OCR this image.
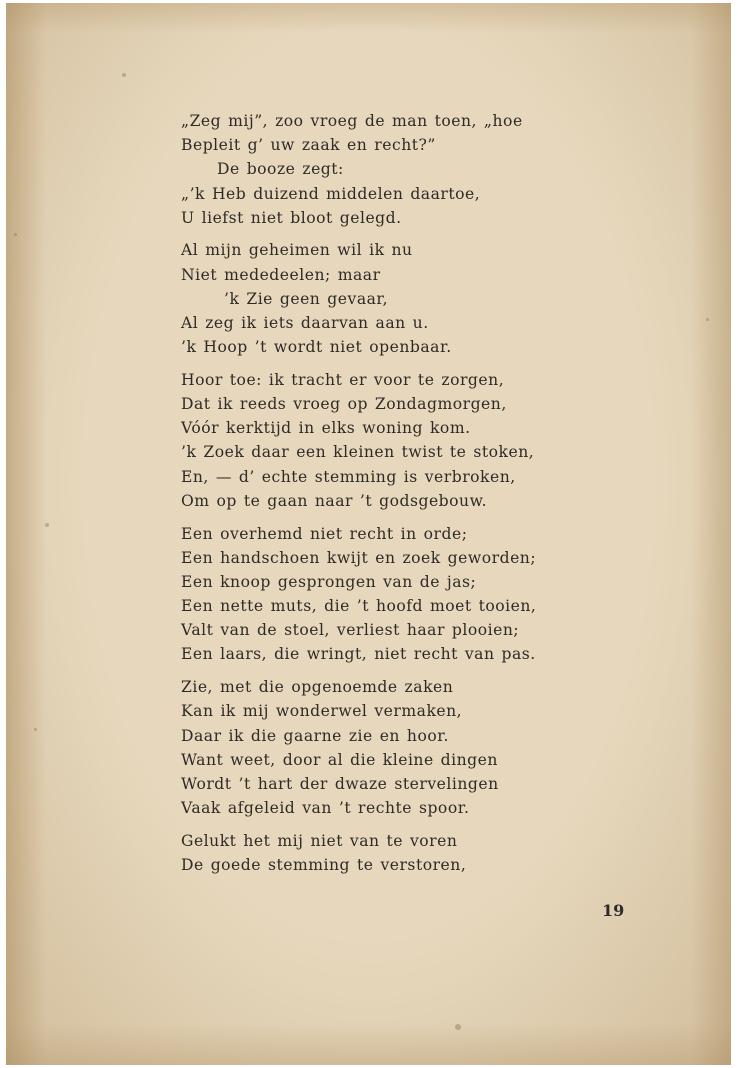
„Zeg mij”, zoo vroeg de man toen, „hoe
Bepleit g’ uw zaak en recht?”
De booze zegt:
„’k Heb duizend middelen daartoe,
U liefst niet bloot gelegd.
Al mijn geheimen wil ik nu
Niet mededeelen; maar
’k Zie geen gevaar,
Al zeg ik iets daarvan aan u.
’k Hoop ’t wordt niet openbaar.
Hoor toe: ik tracht er voor te zorgen,
Dat ik reeds vroeg op Zondagmorgen,
Vóór kerktijd in elks woning kom.
’k Zoek daar een kleinen twist te stoken,
En, — d’ echte stemming is verbroken,
Om op te gaan naar ’t godsgebouw.
Een overhemd niet recht in orde;
Een handschoen kwijt en zoek geworden;
Een knoop gesprongen van de jas;
Een nette muts, die ’t hoofd moet tooien,
Valt van de stoel, verliest haar plooien;
Een laars, die wringt, niet recht van pas.
Zie, met die opgenoemde zaken
Kan ik mij wonderwel vermaken,
Daar ik die gaarne zie en hoor.
Want weet, door al die kleine dingen
Wordt ’t hart der dwaze stervelingen
Vaak afgeleid van ’t rechte spoor.
Gelukt het mij niet van te voren
De goede stemming te verstoren,
19
